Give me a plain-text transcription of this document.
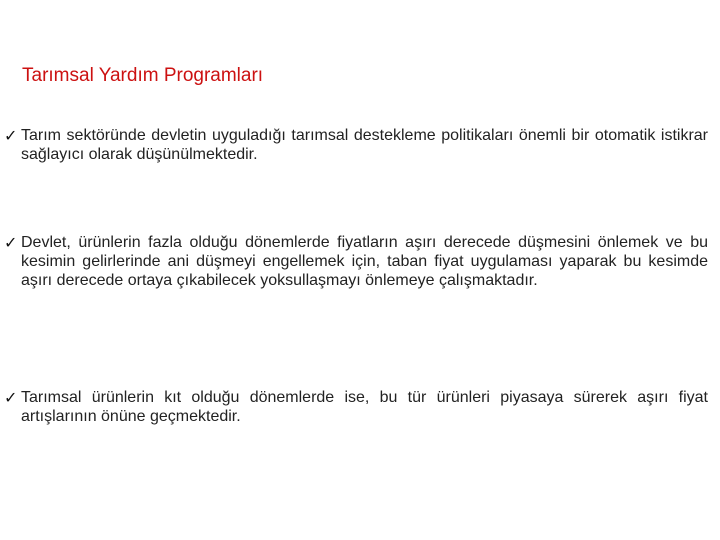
Tarımsal Yardım Programları
✓ Tarım sektöründe devletin uyguladığı tarımsal destekleme politikaları önemli bir otomatik istikrar sağlayıcı olarak düşünülmektedir.
✓ Devlet, ürünlerin fazla olduğu dönemlerde fiyatların aşırı derecede düşmesini önlemek ve bu kesimin gelirlerinde ani düşmeyi engellemek için, taban fiyat uygulaması yaparak bu kesimde aşırı derecede ortaya çıkabilecek yoksullaşmayı önlemeye çalışmaktadır.
✓ Tarımsal ürünlerin kıt olduğu dönemlerde ise, bu tür ürünleri piyasaya sürerek aşırı fiyat artışlarının önüne geçmektedir.
